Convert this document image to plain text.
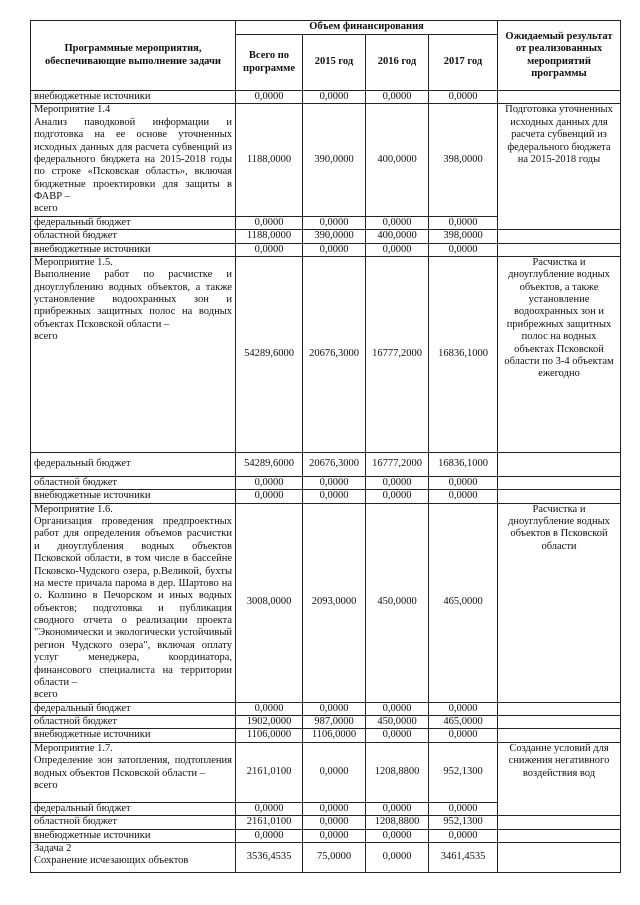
Программные мероприятия, обеспечивающие выполнение задачи	Объем финансирования				Ожидаемый результат от реализованных мероприятий программы
	Всего по программе	2015 год	2016 год	2017 год	
внебюджетные источники	0,0000	0,0000	0,0000	0,0000	

Мероприятие 1.4
Анализ паводковой информации и подготовка на ее основе уточненных исходных данных для расчета субвенций из федерального бюджета на 2015-2018 годы по строке «Псковская область», включая бюджетные проектировки для защиты в ФАВР –
всего	1188,0000	390,0000	400,0000	398,0000	Подготовка уточненных исходных данных для расчета субвенций из федерального бюджета на 2015-2018 годы
федеральный бюджет	0,0000	0,0000	0,0000	0,0000	
областной бюджет	1188,0000	390,0000	400,0000	398,0000	
внебюджетные источники	0,0000	0,0000	0,0000	0,0000	

Мероприятие 1.5.
Выполнение работ по расчистке и дноуглублению водных объектов, а также установление водоохранных зон и прибрежных защитных полос на водных объектах Псковской области –
всего	54289,6000	20676,3000	16777,2000	16836,1000	Расчистка и дноуглубление водных объектов, а также установление водоохранных зон и прибрежных защитных полос на водных объектах Псковской области по 3-4 объектам ежегодно
федеральный бюджет	54289,6000	20676,3000	16777,2000	16836,1000	
областной бюджет	0,0000	0,0000	0,0000	0,0000	
внебюджетные источники	0,0000	0,0000	0,0000	0,0000	

Мероприятие 1.6.
Организация проведения предпроектных работ для определения объемов расчистки и дноуглубления водных объектов Псковской области, в том числе в бассейне Псковско-Чудского озера, р.Великой, бухты на месте причала парома в дер. Шартово на о. Колпино в Печорском и иных водных объектов; подготовка и публикация сводного отчета о реализации проекта "Экономически и экологически устойчивый регион Чудского озера", включая оплату услуг менеджера, координатора, финансового специалиста на территории области –
всего	3008,0000	2093,0000	450,0000	465,0000	Расчистка и дноуглубление водных объектов в Псковской области
федеральный бюджет	0,0000	0,0000	0,0000	0,0000	
областной бюджет	1902,0000	987,0000	450,0000	465,0000	
внебюджетные источники	1106,0000	1106,0000	0,0000	0,0000	

Мероприятие 1.7.
Определение зон затопления, подтопления водных объектов Псковской области –
всего	2161,0100	0,0000	1208,8800	952,1300	Создание условий для снижения негативного воздействия вод
федеральный бюджет	0,0000	0,0000	0,0000	0,0000	
областной бюджет	2161,0100	0,0000	1208,8800	952,1300	
внебюджетные источники	0,0000	0,0000	0,0000	0,0000	

Задача 2
Сохранение исчезающих объектов	3536,4535	75,0000	0,0000	3461,4535	
